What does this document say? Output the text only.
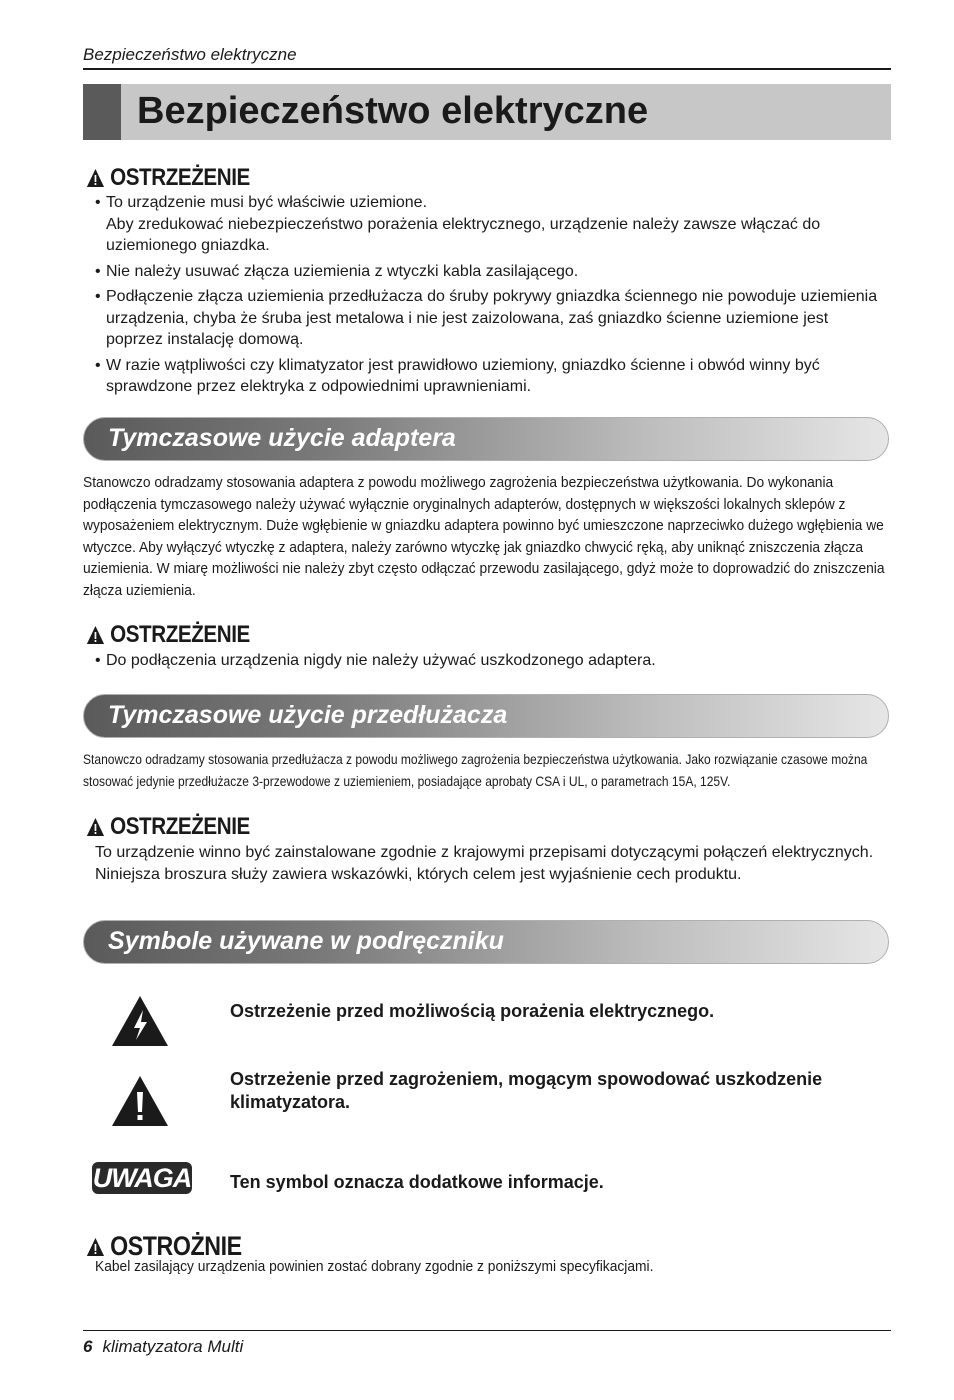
Bezpieczeństwo elektryczne
Bezpieczeństwo elektryczne
OSTRZEŻENIE
• To urządzenie musi być właściwie uziemione.
Aby zredukować niebezpieczeństwo porażenia elektrycznego, urządzenie należy zawsze włączać do uziemionego gniazdka.
• Nie należy usuwać złącza uziemienia z wtyczki kabla zasilającego.
• Podłączenie złącza uziemienia przedłużacza do śruby pokrywy gniazdka ściennego nie powoduje uziemienia urządzenia, chyba że śruba jest metalowa i nie jest zaizolowana, zaś gniazdko ścienne uziemione jest poprzez instalację domową.
• W razie wątpliwości czy klimatyzator jest prawidłowo uziemiony, gniazdko ścienne i obwód winny być sprawdzone przez elektryka z odpowiednimi uprawnieniami.
Tymczasowe użycie adaptera
Stanowczo odradzamy stosowania adaptera z powodu możliwego zagrożenia bezpieczeństwa użytkowania. Do wykonania podłączenia tymczasowego należy używać wyłącznie oryginalnych adapterów, dostępnych w większości lokalnych sklepów z wyposażeniem elektrycznym. Duże wgłębienie w gniazdku adaptera powinno być umieszczone naprzeciwko dużego wgłębienia we wtyczce. Aby wyłączyć wtyczkę z adaptera, należy zarówno wtyczkę jak gniazdko chwycić ręką, aby uniknąć zniszczenia złącza uziemienia. W miarę możliwości nie należy zbyt często odłączać przewodu zasilającego, gdyż może to doprowadzić do zniszczenia złącza uziemienia.
OSTRZEŻENIE
• Do podłączenia urządzenia nigdy nie należy używać uszkodzonego adaptera.
Tymczasowe użycie przedłużacza
Stanowczo odradzamy stosowania przedłużacza z powodu możliwego zagrożenia bezpieczeństwa użytkowania. Jako rozwiązanie czasowe można stosować jedynie przedłużacze 3-przewodowe z uziemieniem, posiadające aprobaty CSA i UL, o parametrach 15A, 125V.
OSTRZEŻENIE
To urządzenie winno być zainstalowane zgodnie z krajowymi przepisami dotyczącymi połączeń elektrycznych. Niniejsza broszura służy zawiera wskazówki, których celem jest wyjaśnienie cech produktu.
Symbole używane w podręczniku
Ostrzeżenie przed możliwością porażenia elektrycznego.
Ostrzeżenie przed zagrożeniem, mogącym spowodować uszkodzenie klimatyzatora.
UWAGA Ten symbol oznacza dodatkowe informacje.
OSTROŻNIE
Kabel zasilający urządzenia powinien zostać dobrany zgodnie z poniższymi specyfikacjami.
6 klimatyzatora Multi
